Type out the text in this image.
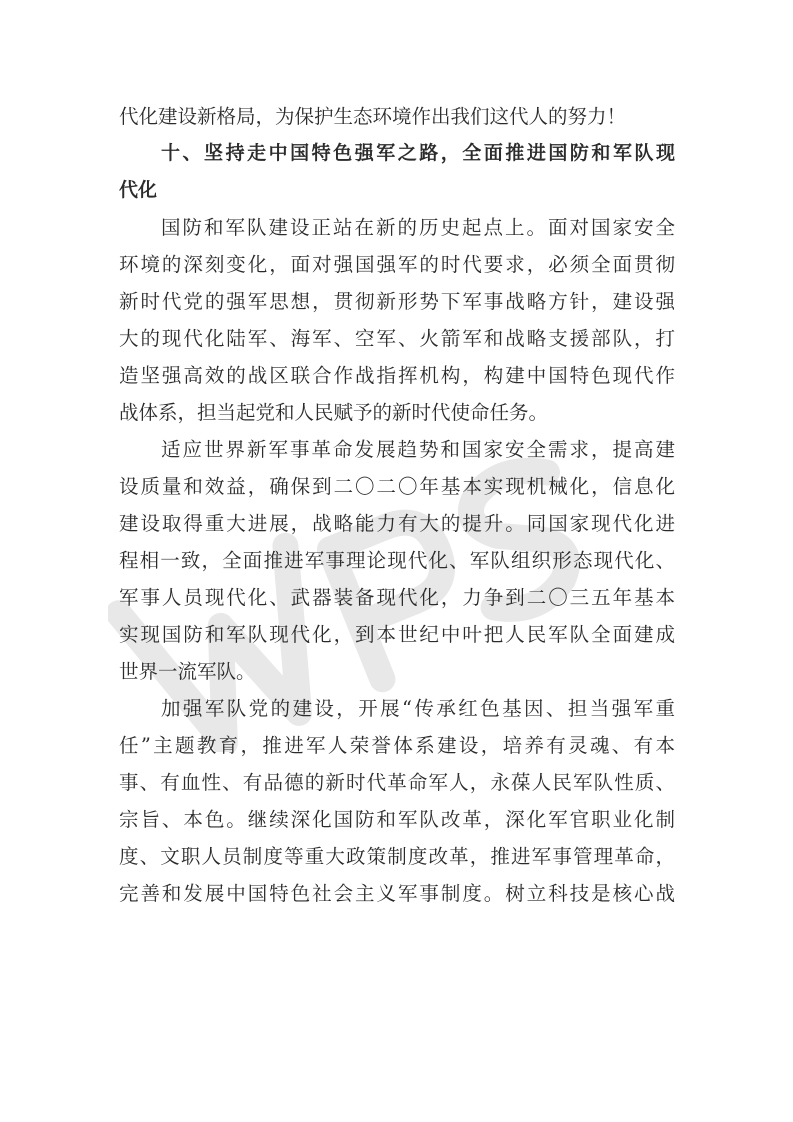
代化建设新格局，为保护生态环境作出我们这代人的努力！
十、坚持走中国特色强军之路，全面推进国防和军队现
代化
国防和军队建设正站在新的历史起点上。面对国家安全
环境的深刻变化，面对强国强军的时代要求，必须全面贯彻
新时代党的强军思想，贯彻新形势下军事战略方针，建设强
大的现代化陆军、海军、空军、火箭军和战略支援部队，打
造坚强高效的战区联合作战指挥机构，构建中国特色现代作
战体系，担当起党和人民赋予的新时代使命任务。
适应世界新军事革命发展趋势和国家安全需求，提高建
设质量和效益，确保到二〇二〇年基本实现机械化，信息化
建设取得重大进展，战略能力有大的提升。同国家现代化进
程相一致，全面推进军事理论现代化、军队组织形态现代化、
军事人员现代化、武器装备现代化，力争到二〇三五年基本
实现国防和军队现代化，到本世纪中叶把人民军队全面建成
世界一流军队。
加强军队党的建设，开展“传承红色基因、担当强军重
任”主题教育，推进军人荣誉体系建设，培养有灵魂、有本
事、有血性、有品德的新时代革命军人，永葆人民军队性质、
宗旨、本色。继续深化国防和军队改革，深化军官职业化制
度、文职人员制度等重大政策制度改革，推进军事管理革命，
完善和发展中国特色社会主义军事制度。树立科技是核心战
